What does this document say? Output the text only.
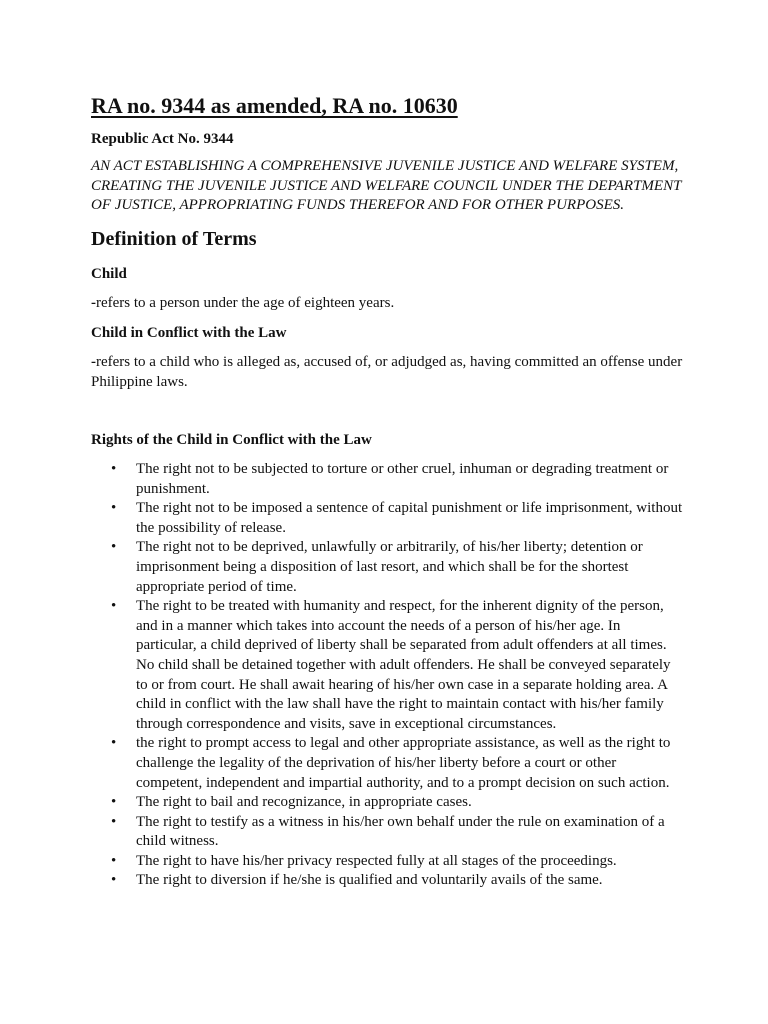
RA no. 9344 as amended, RA no. 10630
Republic Act No. 9344
AN ACT ESTABLISHING A COMPREHENSIVE JUVENILE JUSTICE AND WELFARE SYSTEM, CREATING THE JUVENILE JUSTICE AND WELFARE COUNCIL UNDER THE DEPARTMENT OF JUSTICE, APPROPRIATING FUNDS THEREFOR AND FOR OTHER PURPOSES.
Definition of Terms
Child
-refers to a person under the age of eighteen years.
Child in Conflict with the Law
-refers to a child who is alleged as, accused of, or adjudged as, having committed an offense under Philippine laws.
Rights of the Child in Conflict with the Law
• The right not to be subjected to torture or other cruel, inhuman or degrading treatment or punishment.
• The right not to be imposed a sentence of capital punishment or life imprisonment, without the possibility of release.
• The right not to be deprived, unlawfully or arbitrarily, of his/her liberty; detention or imprisonment being a disposition of last resort, and which shall be for the shortest appropriate period of time.
• The right to be treated with humanity and respect, for the inherent dignity of the person, and in a manner which takes into account the needs of a person of his/her age. In particular, a child deprived of liberty shall be separated from adult offenders at all times. No child shall be detained together with adult offenders. He shall be conveyed separately to or from court. He shall await hearing of his/her own case in a separate holding area. A child in conflict with the law shall have the right to maintain contact with his/her family through correspondence and visits, save in exceptional circumstances.
• the right to prompt access to legal and other appropriate assistance, as well as the right to challenge the legality of the deprivation of his/her liberty before a court or other competent, independent and impartial authority, and to a prompt decision on such action.
• The right to bail and recognizance, in appropriate cases.
• The right to testify as a witness in his/her own behalf under the rule on examination of a child witness.
• The right to have his/her privacy respected fully at all stages of the proceedings.
• The right to diversion if he/she is qualified and voluntarily avails of the same.
